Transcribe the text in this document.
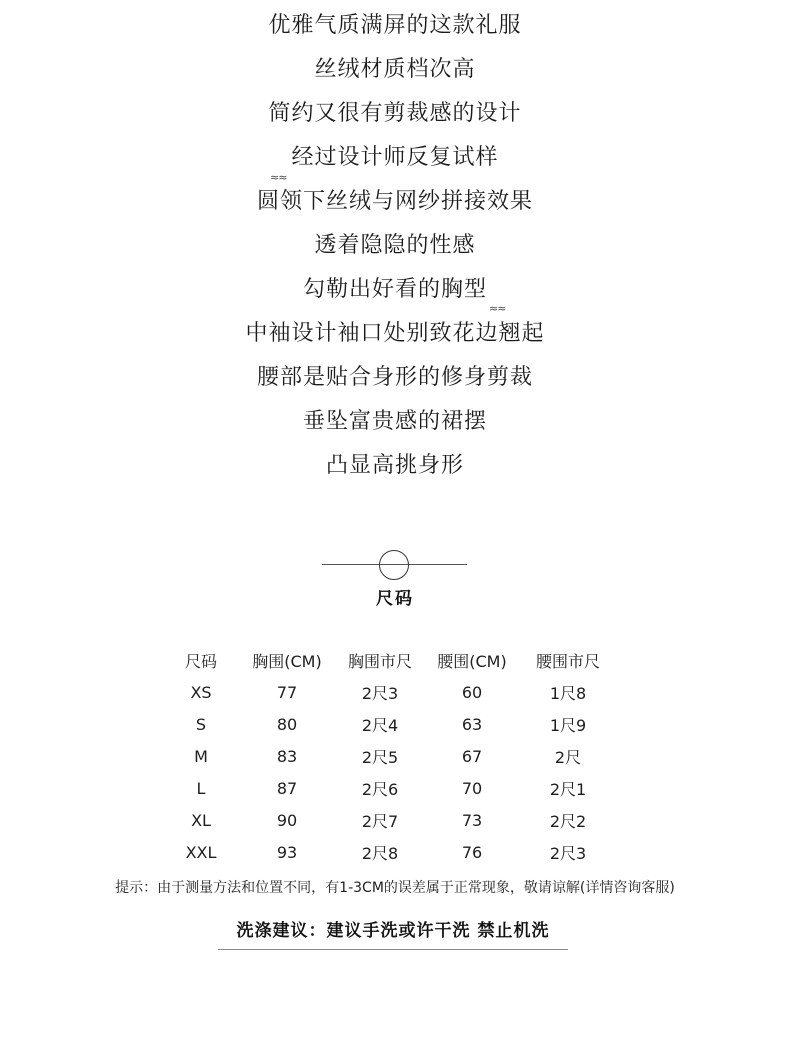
优雅气质满屏的这款礼服
丝绒材质档次高
简约又很有剪裁感的设计
经过设计师反复试样
圆领下丝绒与网纱拼接效果
透着隐隐的性感
勾勒出好看的胸型
中袖设计袖口处别致花边翘起
腰部是贴合身形的修身剪裁
垂坠富贵感的裙摆
凸显高挑身形
≈≈
≈≈
尺码
尺码	胸围(CM)	胸围市尺	腰围(CM)	腰围市尺
XS	77	2尺3	60	1尺8
S	80	2尺4	63	1尺9
M	83	2尺5	67	2尺
L	87	2尺6	70	2尺1
XL	90	2尺7	73	2尺2
XXL	93	2尺8	76	2尺3
提示：由于测量方法和位置不同，有1-3CM的误差属于正常现象，敬请谅解(详情咨询客服)
洗涤建议：建议手洗或许干洗 禁止机洗
